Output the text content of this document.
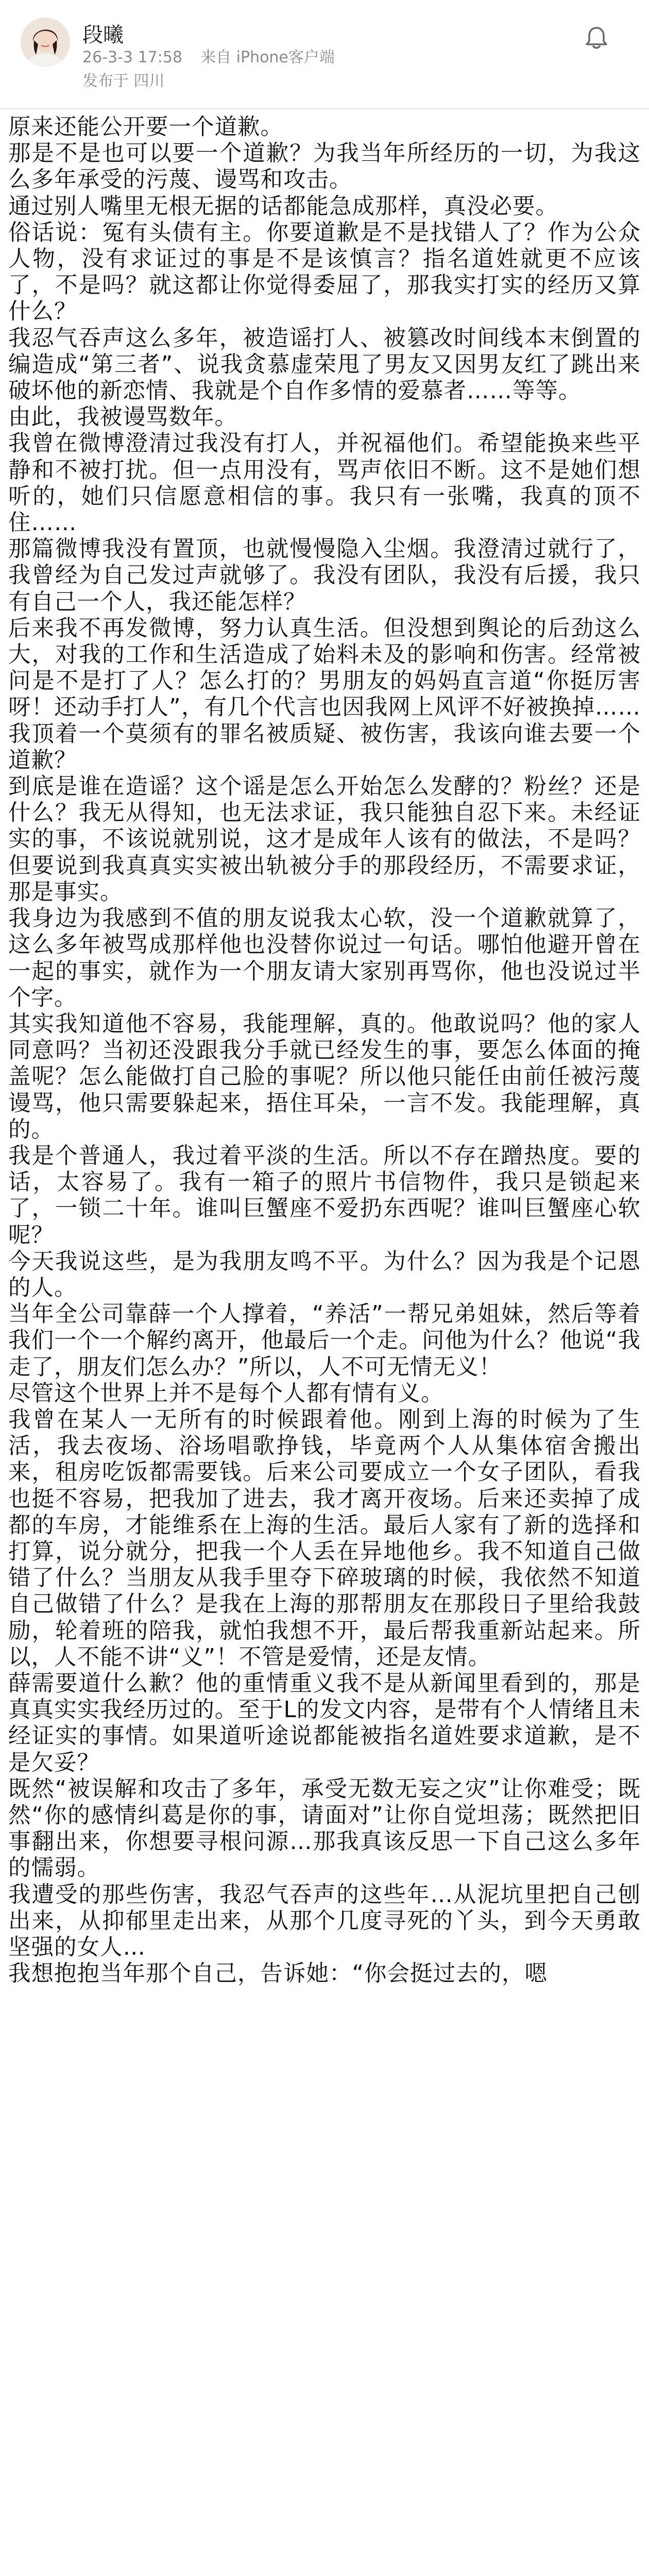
段曦
26-3-3 17:58 来自 iPhone客户端
发布于 四川

原来还能公开要一个道歉。

那是不是也可以要一个道歉？为我当年所经历的一切，为我这么多年承受的污蔑、谩骂和攻击。

通过别人嘴里无根无据的话都能急成那样，真没必要。

俗话说：冤有头债有主。你要道歉是不是找错人了？作为公众人物，没有求证过的事是不是该慎言？指名道姓就更不应该了，不是吗？就这都让你觉得委屈了，那我实打实的经历又算什么？

我忍气吞声这么多年，被造谣打人、被篡改时间线本末倒置的编造成“第三者”、说我贪慕虚荣甩了男友又因男友红了跳出来破坏他的新恋情、我就是个自作多情的爱慕者……等等。

由此，我被谩骂数年。

我曾在微博澄清过我没有打人，并祝福他们。希望能换来些平静和不被打扰。但一点用没有，骂声依旧不断。这不是她们想听的，她们只信愿意相信的事。我只有一张嘴，我真的顶不住……

那篇微博我没有置顶，也就慢慢隐入尘烟。我澄清过就行了，我曾经为自己发过声就够了。我没有团队，我没有后援，我只有自己一个人，我还能怎样？

后来我不再发微博，努力认真生活。但没想到舆论的后劲这么大，对我的工作和生活造成了始料未及的影响和伤害。经常被问是不是打了人？怎么打的？男朋友的妈妈直言道“你挺厉害呀！还动手打人”，有几个代言也因我网上风评不好被换掉……我顶着一个莫须有的罪名被质疑、被伤害，我该向谁去要一个道歉？

到底是谁在造谣？这个谣是怎么开始怎么发酵的？粉丝？还是什么？我无从得知，也无法求证，我只能独自忍下来。未经证实的事，不该说就别说，这才是成年人该有的做法，不是吗？但要说到我真真实实被出轨被分手的那段经历，不需要求证，那是事实。

我身边为我感到不值的朋友说我太心软，没一个道歉就算了，这么多年被骂成那样他也没替你说过一句话。哪怕他避开曾在一起的事实，就作为一个朋友请大家别再骂你，他也没说过半个字。

其实我知道他不容易，我能理解，真的。他敢说吗？他的家人同意吗？当初还没跟我分手就已经发生的事，要怎么体面的掩盖呢？怎么能做打自己脸的事呢？所以他只能任由前任被污蔑谩骂，他只需要躲起来，捂住耳朵，一言不发。我能理解，真的。

我是个普通人，我过着平淡的生活。所以不存在蹭热度。要的话，太容易了。我有一箱子的照片书信物件，我只是锁起来了，一锁二十年。谁叫巨蟹座不爱扔东西呢？谁叫巨蟹座心软呢？

今天我说这些，是为我朋友鸣不平。为什么？因为我是个记恩的人。

当年全公司靠薛一个人撑着，“养活”一帮兄弟姐妹，然后等着我们一个一个解约离开，他最后一个走。问他为什么？他说“我走了，朋友们怎么办？”所以，人不可无情无义！

尽管这个世界上并不是每个人都有情有义。

我曾在某人一无所有的时候跟着他。刚到上海的时候为了生活，我去夜场、浴场唱歌挣钱，毕竟两个人从集体宿舍搬出来，租房吃饭都需要钱。后来公司要成立一个女子团队，看我也挺不容易，把我加了进去，我才离开夜场。后来还卖掉了成都的车房，才能维系在上海的生活。最后人家有了新的选择和打算，说分就分，把我一个人丢在异地他乡。我不知道自己做错了什么？当朋友从我手里夺下碎玻璃的时候，我依然不知道自己做错了什么？是我在上海的那帮朋友在那段日子里给我鼓励，轮着班的陪我，就怕我想不开，最后帮我重新站起来。所以，人不能不讲“义”！不管是爱情，还是友情。

薛需要道什么歉？他的重情重义我不是从新闻里看到的，那是真真实实我经历过的。至于L的发文内容，是带有个人情绪且未经证实的事情。如果道听途说都能被指名道姓要求道歉，是不是欠妥？

既然“被误解和攻击了多年，承受无数无妄之灾”让你难受；既然“你的感情纠葛是你的事，请面对”让你自觉坦荡；既然把旧事翻出来，你想要寻根问源…那我真该反思一下自己这么多年的懦弱。

我遭受的那些伤害，我忍气吞声的这些年…从泥坑里把自己刨出来，从抑郁里走出来，从那个几度寻死的丫头，到今天勇敢坚强的女人…

我想抱抱当年那个自己，告诉她：“你会挺过去的，嗯
